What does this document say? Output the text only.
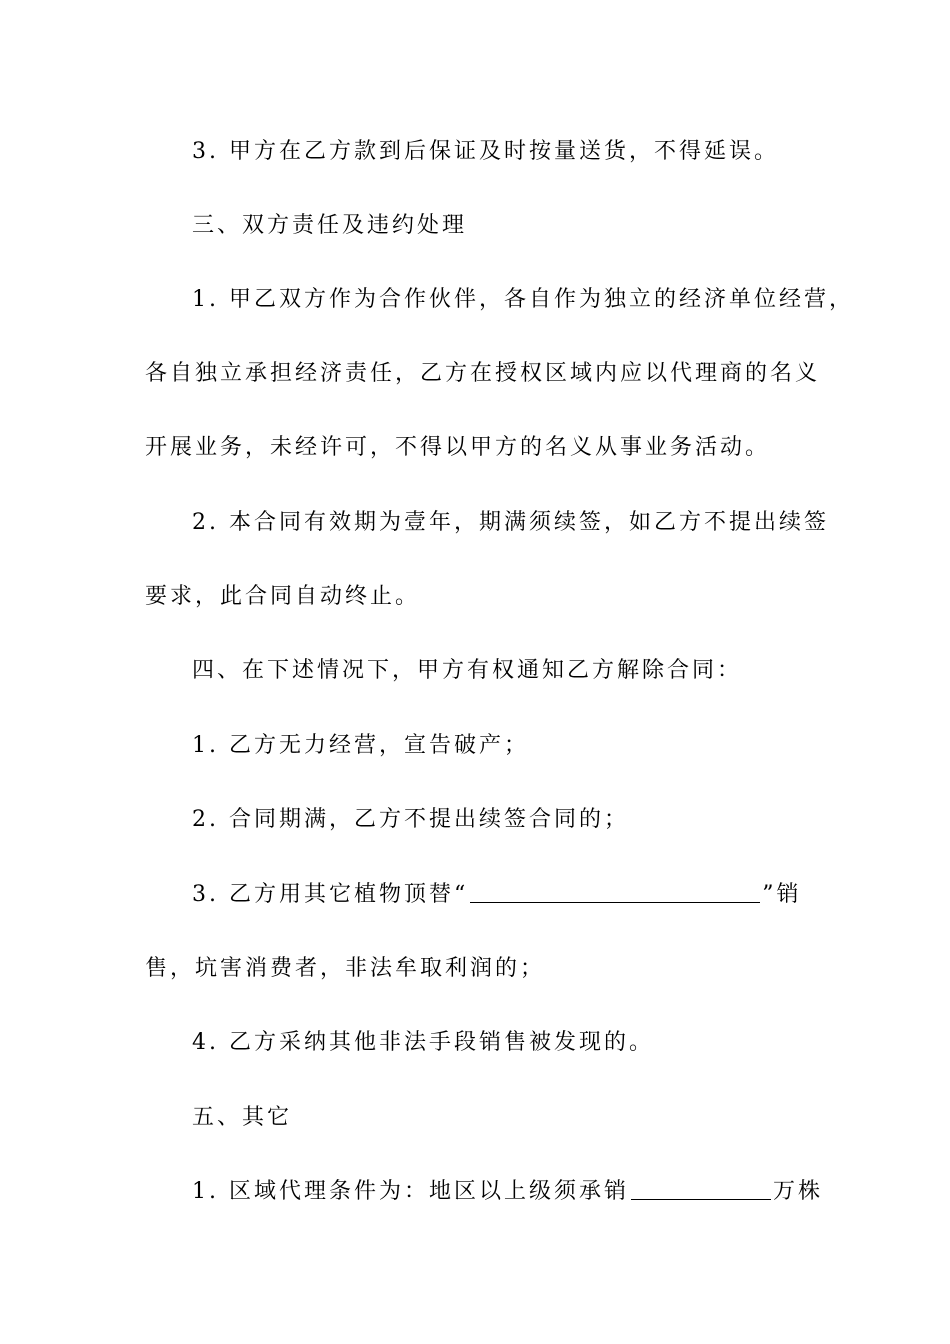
3. 甲方在乙方款到后保证及时按量送货，不得延误。
三、双方责任及违约处理
1. 甲乙双方作为合作伙伴，各自作为独立的经济单位经营，
各自独立承担经济责任，乙方在授权区域内应以代理商的名义
开展业务，未经许可，不得以甲方的名义从事业务活动。
2. 本合同有效期为壹年，期满须续签，如乙方不提出续签
要求，此合同自动终止。
四、在下述情况下，甲方有权通知乙方解除合同：
1. 乙方无力经营，宣告破产；
2. 合同期满，乙方不提出续签合同的；
3. 乙方用其它植物顶替“	”销
售，坑害消费者，非法牟取利润的；
4. 乙方采纳其他非法手段销售被发现的。
五、其它
1. 区域代理条件为：地区以上级须承销	万株
